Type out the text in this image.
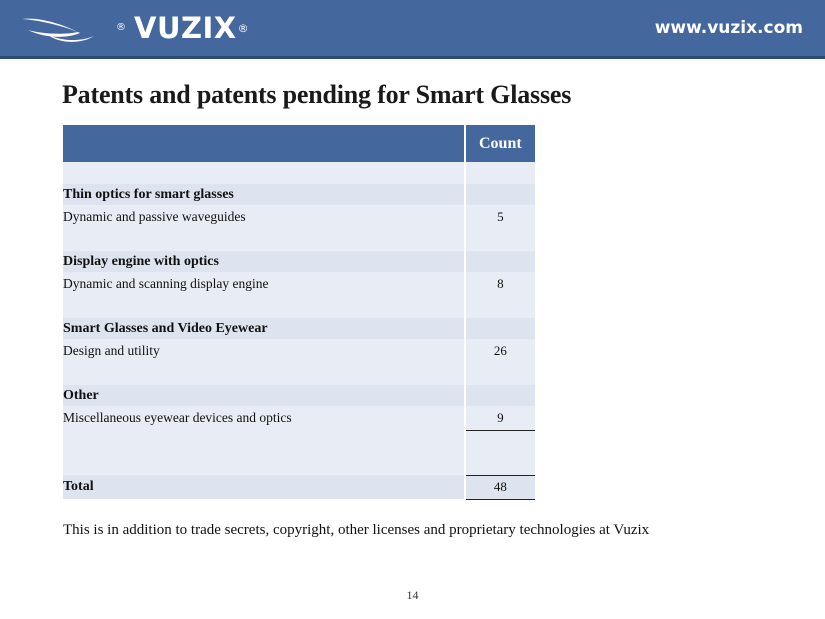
® VUZIX ®	www.vuzix.com
Patents and patents pending for Smart Glasses
	Count

Thin optics for smart glasses	
Dynamic and passive waveguides	5

Display engine with optics	
Dynamic and scanning display engine	8

Smart Glasses and Video Eyewear	
Design and utility	26

Other	
Miscellaneous eyewear devices and optics	9

Total	48
This is in addition to trade secrets, copyright, other licenses and proprietary technologies at Vuzix
14
